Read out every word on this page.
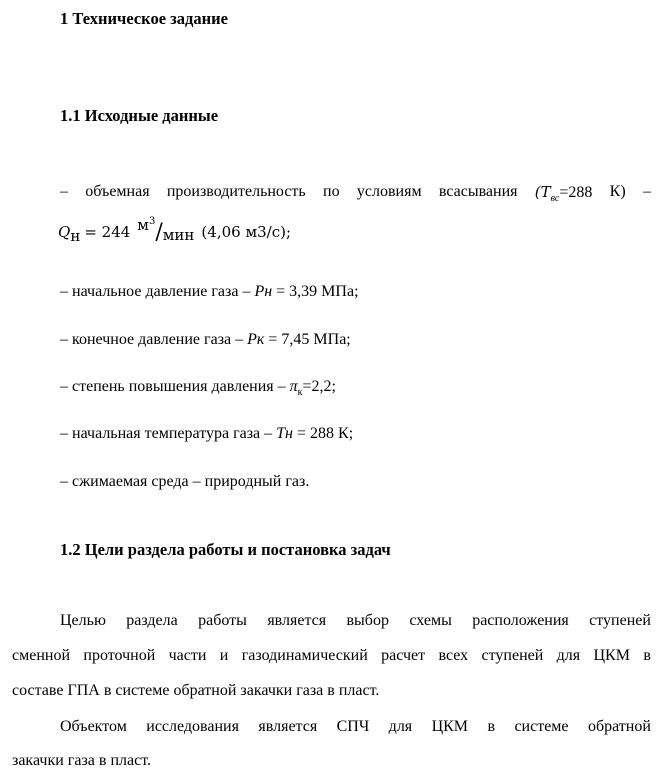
1 Техническое задание
1.1 Исходные данные
– объемная производительность по условиям всасывания ($T_{вс}=288$ К) –
$Q_н = 244$ $м^3$/мин (4,06 м3/с);
– начальное давление газа – Рн = 3,39 МПа;
– конечное давление газа – Рк = 7,45 МПа;
– степень повышения давления – $\pi_к=2,2$;
– начальная температура газа – Тн = 288 К;
– сжимаемая среда – природный газ.
1.2 Цели раздела работы и постановка задач
Целью раздела работы является выбор схемы расположения ступеней
сменной проточной части и газодинамический расчет всех ступеней для ЦКМ в
составе ГПА в системе обратной закачки газа в пласт.
Объектом исследования является СПЧ для ЦКМ в системе обратной
закачки газа в пласт.
